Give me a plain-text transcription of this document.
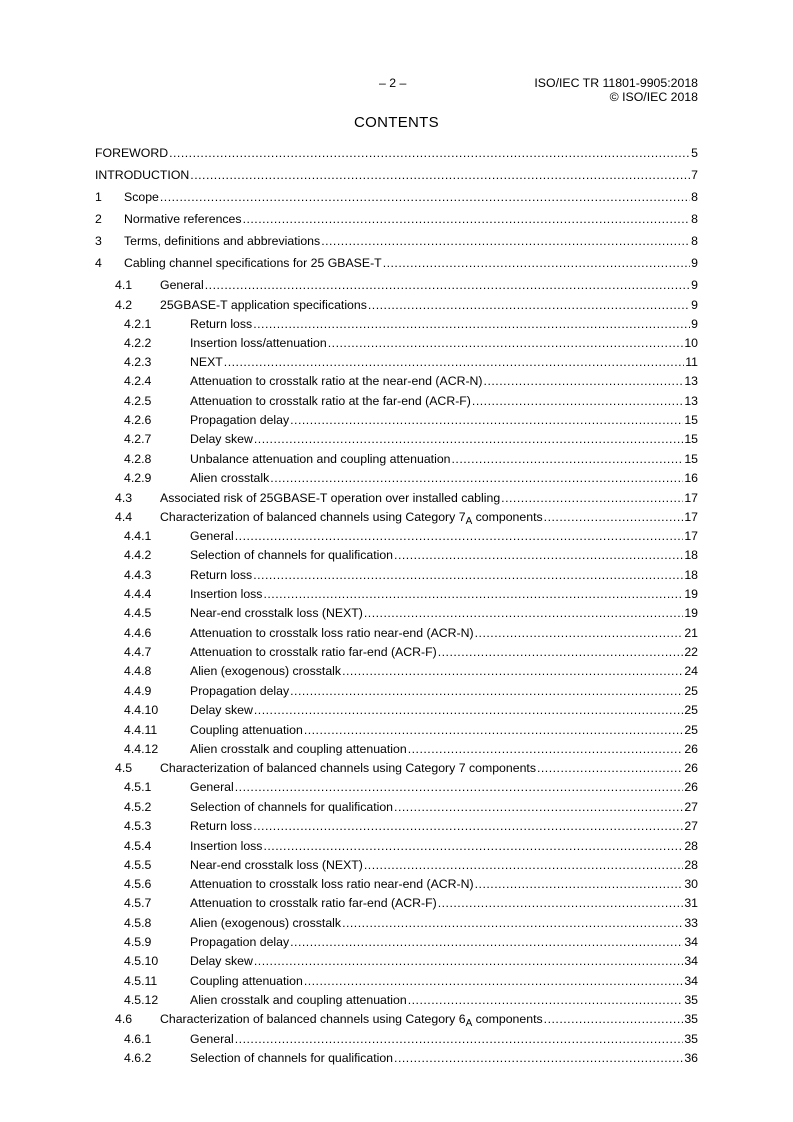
– 2 –	ISO/IEC TR 11801-9905:2018
© ISO/IEC 2018
CONTENTS
FOREWORD .....	5
INTRODUCTION .....	7
1	Scope .....	8
2	Normative references .....	8
3	Terms, definitions and abbreviations .....	8
4	Cabling channel specifications for 25 GBASE-T .....	9
4.1	General .....	9
4.2	25GBASE-T application specifications .....	9
4.2.1	Return loss .....	9
4.2.2	Insertion loss/attenuation .....	10
4.2.3	NEXT .....	11
4.2.4	Attenuation to crosstalk ratio at the near-end (ACR-N) .....	13
4.2.5	Attenuation to crosstalk ratio at the far-end (ACR-F) .....	13
4.2.6	Propagation delay .....	15
4.2.7	Delay skew .....	15
4.2.8	Unbalance attenuation and coupling attenuation .....	15
4.2.9	Alien crosstalk .....	16
4.3	Associated risk of 25GBASE-T operation over installed cabling .....	17
4.4	Characterization of balanced channels using Category $7_A$ components .....	17
4.4.1	General .....	17
4.4.2	Selection of channels for qualification .....	18
4.4.3	Return loss .....	18
4.4.4	Insertion loss .....	19
4.4.5	Near-end crosstalk loss (NEXT) .....	19
4.4.6	Attenuation to crosstalk loss ratio near-end (ACR-N) .....	21
4.4.7	Attenuation to crosstalk ratio far-end (ACR-F) .....	22
4.4.8	Alien (exogenous) crosstalk .....	24
4.4.9	Propagation delay .....	25
4.4.10	Delay skew .....	25
4.4.11	Coupling attenuation .....	25
4.4.12	Alien crosstalk and coupling attenuation .....	26
4.5	Characterization of balanced channels using Category 7 components .....	26
4.5.1	General .....	26
4.5.2	Selection of channels for qualification .....	27
4.5.3	Return loss .....	27
4.5.4	Insertion loss .....	28
4.5.5	Near-end crosstalk loss (NEXT) .....	28
4.5.6	Attenuation to crosstalk loss ratio near-end (ACR-N) .....	30
4.5.7	Attenuation to crosstalk ratio far-end (ACR-F) .....	31
4.5.8	Alien (exogenous) crosstalk .....	33
4.5.9	Propagation delay .....	34
4.5.10	Delay skew .....	34
4.5.11	Coupling attenuation .....	34
4.5.12	Alien crosstalk and coupling attenuation .....	35
4.6	Characterization of balanced channels using Category $6_A$ components .....	35
4.6.1	General .....	35
4.6.2	Selection of channels for qualification .....	36
